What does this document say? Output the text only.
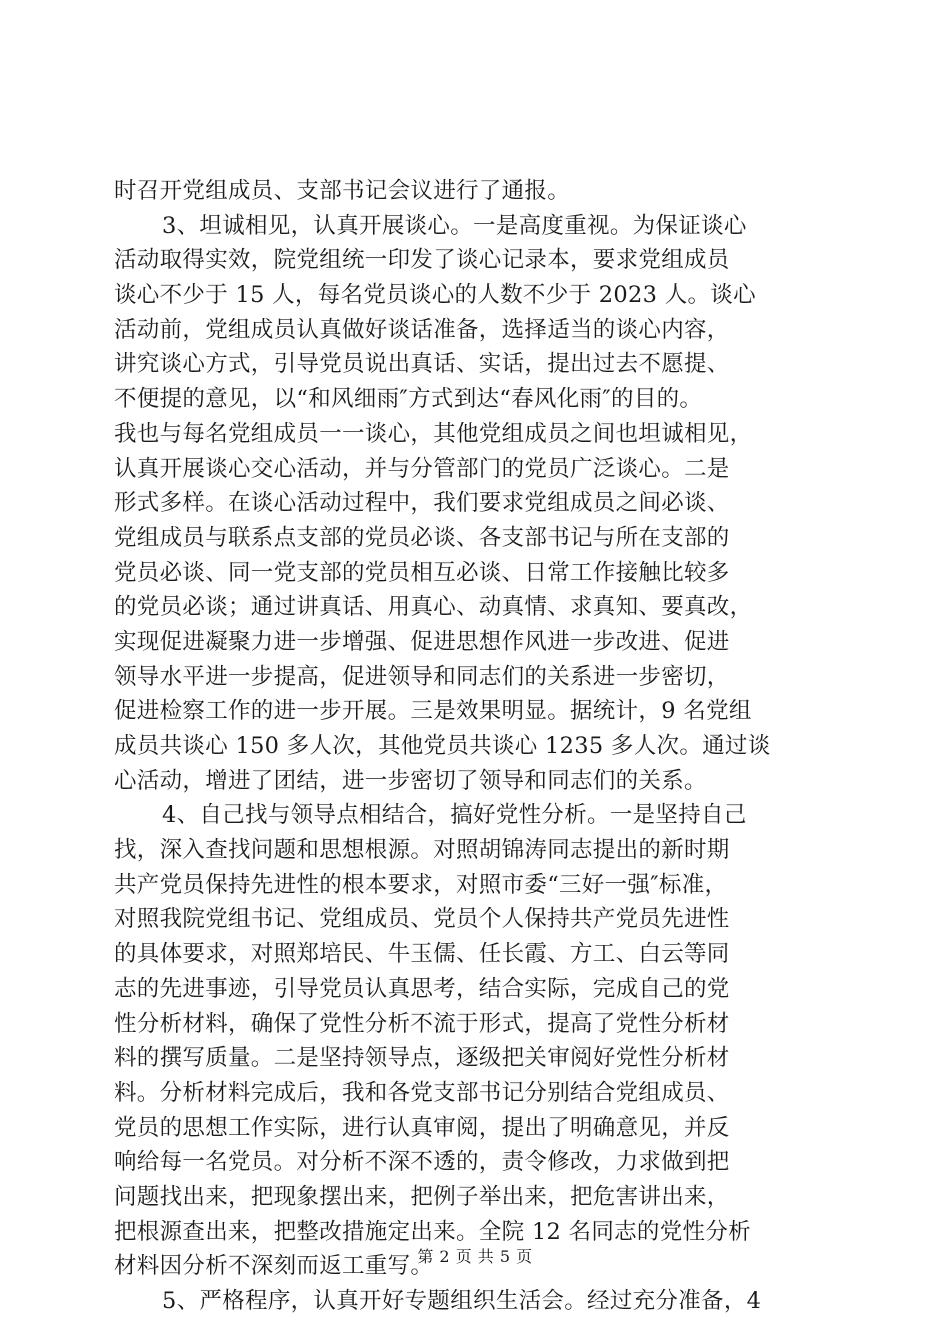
时召开党组成员、支部书记会议进行了通报。
3、坦诚相见，认真开展谈心。一是高度重视。为保证谈心
活动取得实效，院党组统一印发了谈心记录本，要求党组成员
谈心不少于 15 人，每名党员谈心的人数不少于 2023 人。谈心
活动前，党组成员认真做好谈话准备，选择适当的谈心内容，
讲究谈心方式，引导党员说出真话、实话，提出过去不愿提、
不便提的意见，以“和风细雨″方式到达“春风化雨″的目的。
我也与每名党组成员一一谈心，其他党组成员之间也坦诚相见，
认真开展谈心交心活动，并与分管部门的党员广泛谈心。二是
形式多样。在谈心活动过程中，我们要求党组成员之间必谈、
党组成员与联系点支部的党员必谈、各支部书记与所在支部的
党员必谈、同一党支部的党员相互必谈、日常工作接触比较多
的党员必谈；通过讲真话、用真心、动真情、求真知、要真改，
实现促进凝聚力进一步增强、促进思想作风进一步改进、促进
领导水平进一步提高，促进领导和同志们的关系进一步密切，
促进检察工作的进一步开展。三是效果明显。据统计，9 名党组
成员共谈心 150 多人次，其他党员共谈心 1235 多人次。通过谈
心活动，增进了团结，进一步密切了领导和同志们的关系。
4、自己找与领导点相结合，搞好党性分析。一是坚持自己
找，深入查找问题和思想根源。对照胡锦涛同志提出的新时期
共产党员保持先进性的根本要求，对照市委“三好一强″标准，
对照我院党组书记、党组成员、党员个人保持共产党员先进性
的具体要求，对照郑培民、牛玉儒、任长霞、方工、白云等同
志的先进事迹，引导党员认真思考，结合实际，完成自己的党
性分析材料，确保了党性分析不流于形式，提高了党性分析材
料的撰写质量。二是坚持领导点，逐级把关审阅好党性分析材
料。分析材料完成后，我和各党支部书记分别结合党组成员、
党员的思想工作实际，进行认真审阅，提出了明确意见，并反
响给每一名党员。对分析不深不透的，责令修改，力求做到把
问题找出来，把现象摆出来，把例子举出来，把危害讲出来，
把根源查出来，把整改措施定出来。全院 12 名同志的党性分析
材料因分析不深刻而返工重写。
5、严格程序，认真开好专题组织生活会。经过充分准备，4
第 2 页 共 5 页
